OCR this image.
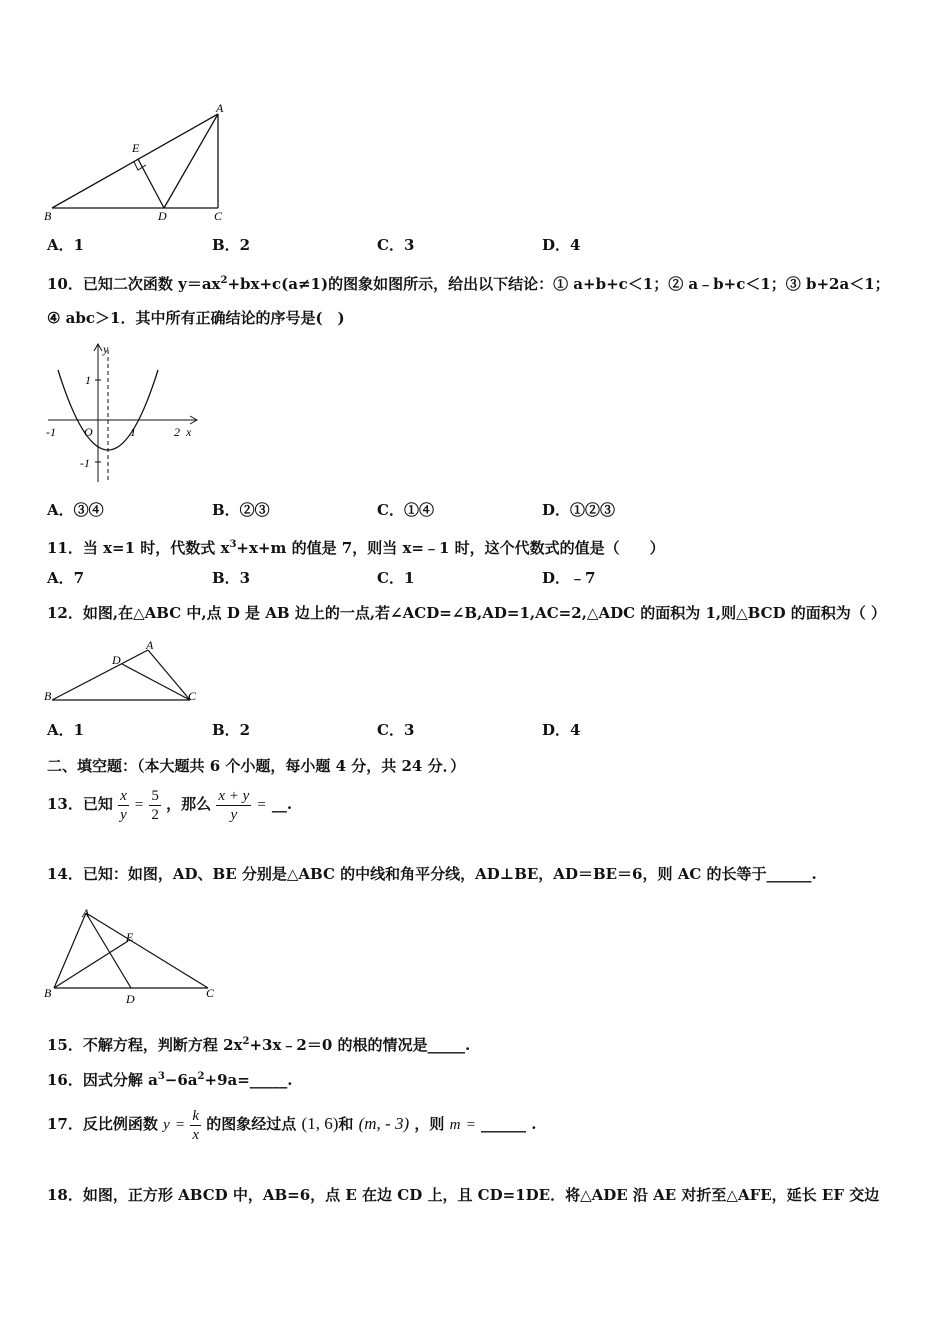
A
E
B	D	C
A．1	B．2	C．3	D．4
10．已知二次函数 $y=ax^2+bx+c(a\ne 1)$的图象如图所示，给出以下结论：① a+b+c＜1；② a﹣b+c＜1；③ b+2a＜1；
④ abc＞1．其中所有正确结论的序号是(　)
y
1
-1 O	1	2 x
-1
A．③④	B．②③	C．①④	D．①②③
11．当 x=1 时，代数式 $x^3+x+m$ 的值是 7，则当 x=﹣1 时，这个代数式的值是（　　）
A．7	B．3	C．1	D．﹣7
12．如图,在△ABC 中,点 D 是 AB 边上的一点,若∠ACD=∠B,AD=1,AC=2,△ADC 的面积为 1,则△BCD 的面积为（ ）
A
D
B	C
A．1	B．2	C．3	D．4
二、填空题：（本大题共 6 个小题，每小题 4 分，共 24 分．）
13．已知 $\frac{x}{y} = \frac{5}{2}$ ，那么 $\frac{x + y}{y}$ = __.
14．已知：如图，AD、BE 分别是△ABC 的中线和角平分线，AD⊥BE，AD＝BE＝6，则 AC 的长等于______.
A
E
B	D	C
15．不解方程，判断方程 $2x^2+3x﹣2=0$ 的根的情况是_____.
16．因式分解 $a^3-6a^2+9a=\_\_\_\_\_$.
17．反比例函数 $y = \frac{k}{x}$ 的图象经过点 (1, 6)和 (m, - 3) ，则 m = ______ .
18．如图，正方形 ABCD 中，AB=6，点 E 在边 CD 上，且 CD=1DE．将△ADE 沿 AE 对折至△AFE，延长 EF 交边
